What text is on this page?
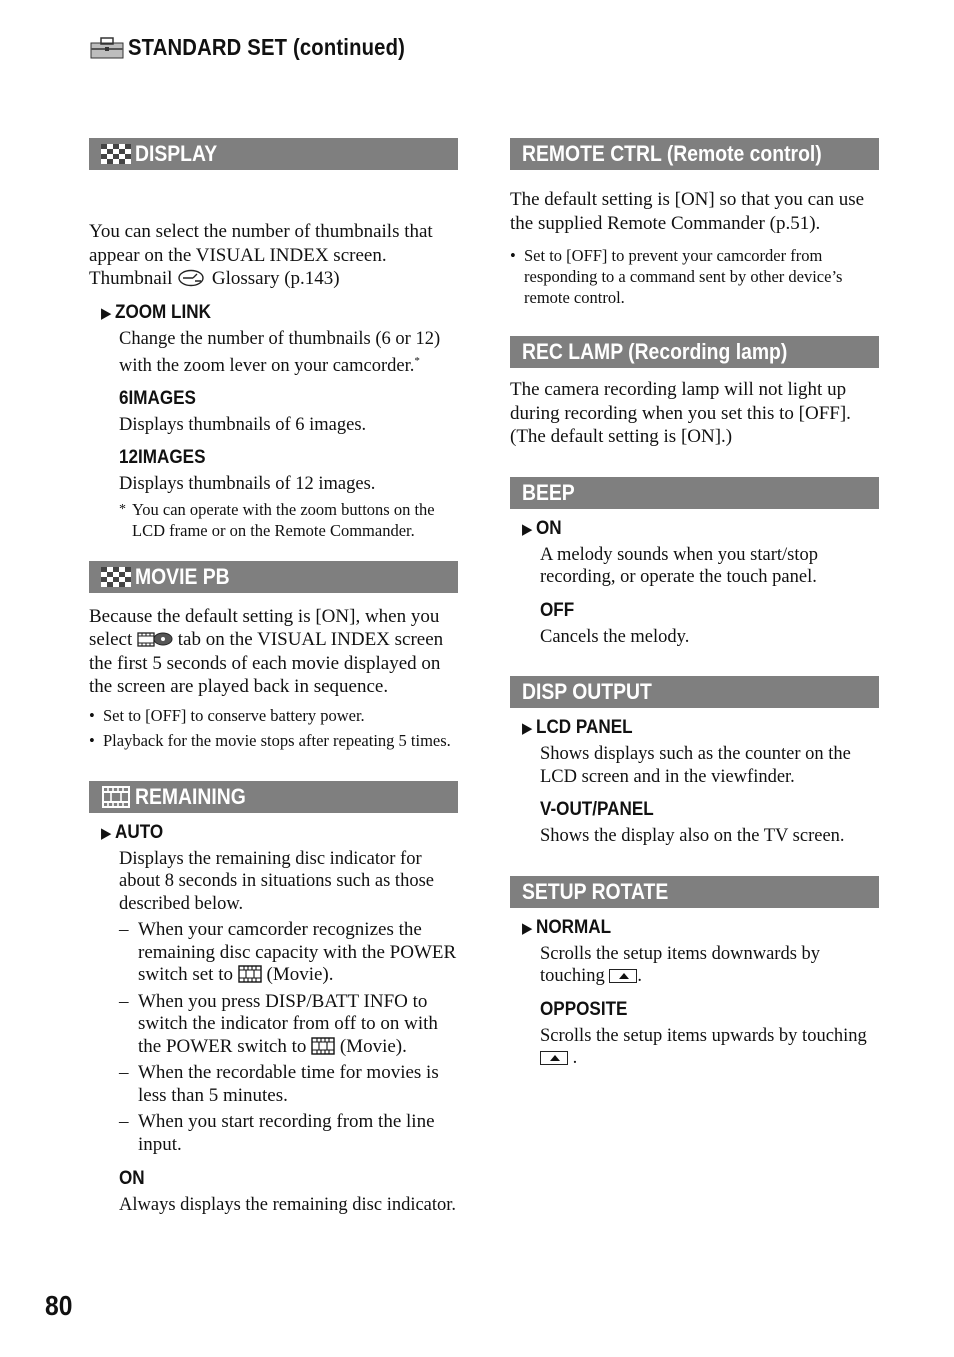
STANDARD SET (continued)
DISPLAY

You can select the number of thumbnails that appear on the VISUAL INDEX screen. Thumbnail Glossary (p.143)

▶ ZOOM LINK

Change the number of thumbnails (6 or 12) with the zoom lever on your camcorder.*

6IMAGES

Displays thumbnails of 6 images.

12IMAGES

Displays thumbnails of 12 images.

* You can operate with the zoom buttons on the LCD frame or on the Remote Commander.
MOVIE PB

Because the default setting is [ON], when you select tab on the VISUAL INDEX screen the first 5 seconds of each movie displayed on the screen are played back in sequence.

• Set to [OFF] to conserve battery power.

• Playback for the movie stops after repeating 5 times.

REMAINING

▶ AUTO

Displays the remaining disc indicator for about 8 seconds in situations such as those described below.

– When your camcorder recognizes the remaining disc capacity with the POWER switch set to (Movie).
– When you press DISP/BATT INFO to switch the indicator from off to on with the POWER switch to (Movie).
– When the recordable time for movies is less than 5 minutes.
– When you start recording from the line input.

ON

Always displays the remaining disc indicator.

REMOTE CTRL (Remote control)

The default setting is [ON] so that you can use the supplied Remote Commander (p.51).

• Set to [OFF] to prevent your camcorder from responding to a command sent by other device’s remote control.

REC LAMP (Recording lamp)

The camera recording lamp will not light up during recording when you set this to [OFF]. (The default setting is [ON].)

BEEP

▶ ON

A melody sounds when you start/stop recording, or operate the touch panel.

OFF

Cancels the melody.

DISP OUTPUT

▶ LCD PANEL

Shows displays such as the counter on the LCD screen and in the viewfinder.

V-OUT/PANEL

Shows the display also on the TV screen.

SETUP ROTATE

▶ NORMAL

Scrolls the setup items downwards by touching .

OPPOSITE

Scrolls the setup items upwards by touching
.

80
